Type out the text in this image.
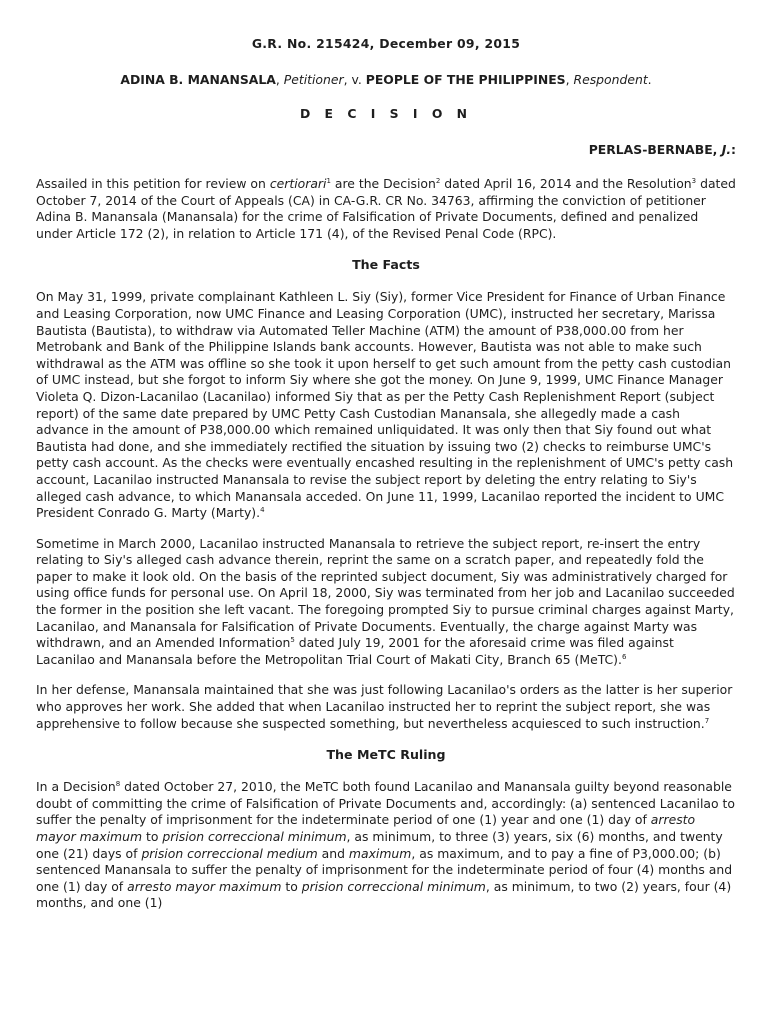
G.R. No. 215424, December 09, 2015
ADINA B. MANANSALA, Petitioner, v. PEOPLE OF THE PHILIPPINES, Respondent.
D E C I S I O N
PERLAS-BERNABE, J.:

Assailed in this petition for review on certiorari$^1$ are the Decision$^2$ dated April 16, 2014 and the Resolution$^3$ dated October 7, 2014 of the Court of Appeals (CA) in CA-G.R. CR No. 34763, affirming the conviction of petitioner Adina B. Manansala (Manansala) for the crime of Falsification of Private Documents, defined and penalized under Article 172 (2), in relation to Article 171 (4), of the Revised Penal Code (RPC).

The Facts

On May 31, 1999, private complainant Kathleen L. Siy (Siy), former Vice President for Finance of Urban Finance and Leasing Corporation, now UMC Finance and Leasing Corporation (UMC), instructed her secretary, Marissa Bautista (Bautista), to withdraw via Automated Teller Machine (ATM) the amount of P38,000.00 from her Metrobank and Bank of the Philippine Islands bank accounts. However, Bautista was not able to make such withdrawal as the ATM was offline so she took it upon herself to get such amount from the petty cash custodian of UMC instead, but she forgot to inform Siy where she got the money. On June 9, 1999, UMC Finance Manager Violeta Q. Dizon-Lacanilao (Lacanilao) informed Siy that as per the Petty Cash Replenishment Report (subject report) of the same date prepared by UMC Petty Cash Custodian Manansala, she allegedly made a cash advance in the amount of P38,000.00 which remained unliquidated. It was only then that Siy found out what Bautista had done, and she immediately rectified the situation by issuing two (2) checks to reimburse UMC's petty cash account. As the checks were eventually encashed resulting in the replenishment of UMC's petty cash account, Lacanilao instructed Manansala to revise the subject report by deleting the entry relating to Siy's alleged cash advance, to which Manansala acceded. On June 11, 1999, Lacanilao reported the incident to UMC President Conrado G. Marty (Marty).$^4$

Sometime in March 2000, Lacanilao instructed Manansala to retrieve the subject report, re-insert the entry relating to Siy's alleged cash advance therein, reprint the same on a scratch paper, and repeatedly fold the paper to make it look old. On the basis of the reprinted subject document, Siy was administratively charged for using office funds for personal use. On April 18, 2000, Siy was terminated from her job and Lacanilao succeeded the former in the position she left vacant. The foregoing prompted Siy to pursue criminal charges against Marty, Lacanilao, and Manansala for Falsification of Private Documents. Eventually, the charge against Marty was withdrawn, and an Amended Information$^5$ dated July 19, 2001 for the aforesaid crime was filed against Lacanilao and Manansala before the Metropolitan Trial Court of Makati City, Branch 65 (MeTC).$^6$

In her defense, Manansala maintained that she was just following Lacanilao's orders as the latter is her superior who approves her work. She added that when Lacanilao instructed her to reprint the subject report, she was apprehensive to follow because she suspected something, but nevertheless acquiesced to such instruction.$^7$

The MeTC Ruling

In a Decision$^8$ dated October 27, 2010, the MeTC both found Lacanilao and Manansala guilty beyond reasonable doubt of committing the crime of Falsification of Private Documents and, accordingly: (a) sentenced Lacanilao to suffer the penalty of imprisonment for the indeterminate period of one (1) year and one (1) day of arresto mayor maximum to prision correccional minimum, as minimum, to three (3) years, six (6) months, and twenty one (21) days of prision correccional medium and maximum, as maximum, and to pay a fine of P3,000.00; (b) sentenced Manansala to suffer the penalty of imprisonment for the indeterminate period of four (4) months and one (1) day of arresto mayor maximum to prision correccional minimum, as minimum, to two (2) years, four (4) months, and one (1)
